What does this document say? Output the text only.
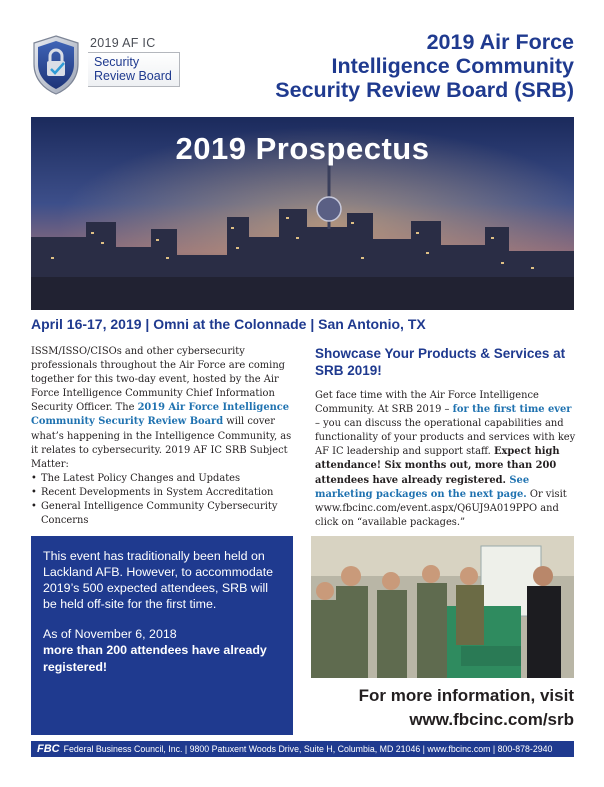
2019 AF IC
Security Review Board
2019 Air Force
Intelligence Community
Security Review Board (SRB)
2019 Prospectus
April 16-17, 2019 | Omni at the Colonnade | San Antonio, TX

ISSM/ISSO/CISOs and other cybersecurity professionals throughout the Air Force are coming together for this two-day event, hosted by the Air Force Intelligence Community Chief Information Security Officer. The 2019 Air Force Intelligence Community Security Review Board will cover what’s happening in the Intelligence Community, as it relates to cybersecurity. 2019 AF IC SRB Subject Matter:

• The Latest Policy Changes and Updates
• Recent Developments in System Accreditation
• General Intelligence Community Cybersecurity Concerns
Showcase Your Products & Services at SRB 2019!
Get face time with the Air Force Intelligence Community. At SRB 2019 – for the first time ever – you can discuss the operational capabilities and functionality of your products and services with key AF IC leadership and support staff. Expect high attendance! Six months out, more than 200 attendees have already registered. See marketing packages on the next page. Or visit www.fbcinc.com/event.aspx/Q6UJ9A019PPO and click on “available packages.”
This event has traditionally been held on Lackland AFB. However, to accommodate 2019’s 500 expected attendees, SRB will be held off-site for the first time.
As of November 6, 2018
more than 200 attendees have already registered!
For more information, visit
www.fbcinc.com/srb
FBC Federal Business Council, Inc. | 9800 Patuxent Woods Drive, Suite H, Columbia, MD 21046 | www.fbcinc.com | 800-878-2940
